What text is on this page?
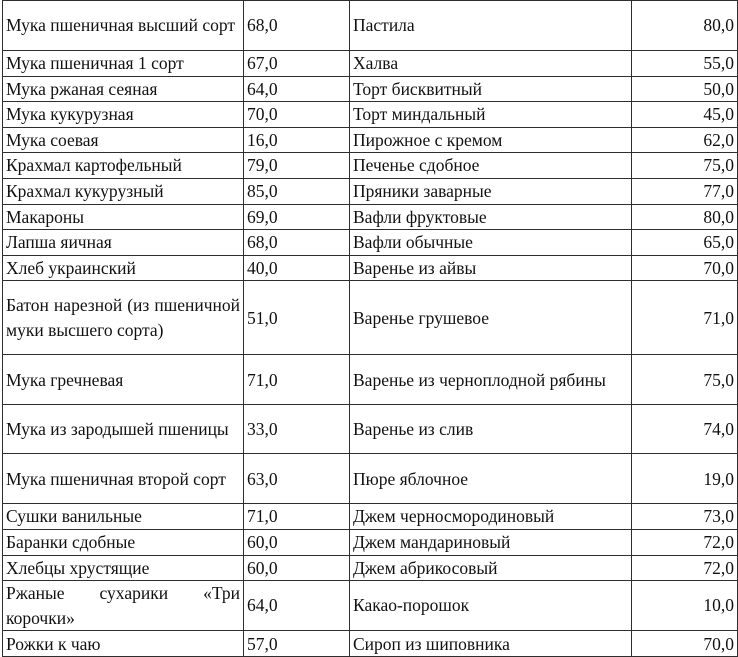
Мука пшеничная высший сорт	68,0	Пастила	80,0
Мука пшеничная 1 сорт	67,0	Халва	55,0
Мука ржаная сеяная	64,0	Торт бисквитный	50,0
Мука кукурузная	70,0	Торт миндальный	45,0
Мука соевая	16,0	Пирожное с кремом	62,0
Крахмал картофельный	79,0	Печенье сдобное	75,0
Крахмал кукурузный	85,0	Пряники заварные	77,0
Макароны	69,0	Вафли фруктовые	80,0
Лапша яичная	68,0	Вафли обычные	65,0
Хлеб украинский	40,0	Варенье из айвы	70,0
Батон нарезной (из пшеничной муки высшего сорта)	51,0	Варенье грушевое	71,0
Мука гречневая	71,0	Варенье из черноплодной рябины	75,0
Мука из зародышей пшеницы	33,0	Варенье из слив	74,0
Мука пшеничная второй сорт	63,0	Пюре яблочное	19,0
Сушки ванильные	71,0	Джем черносмородиновый	73,0
Баранки сдобные	60,0	Джем мандариновый	72,0
Хлебцы хрустящие	60,0	Джем абрикосовый	72,0
Ржаные сухарики «Три корочки»	64,0	Какао-порошок	10,0
Рожки к чаю	57,0	Сироп из шиповника	70,0
